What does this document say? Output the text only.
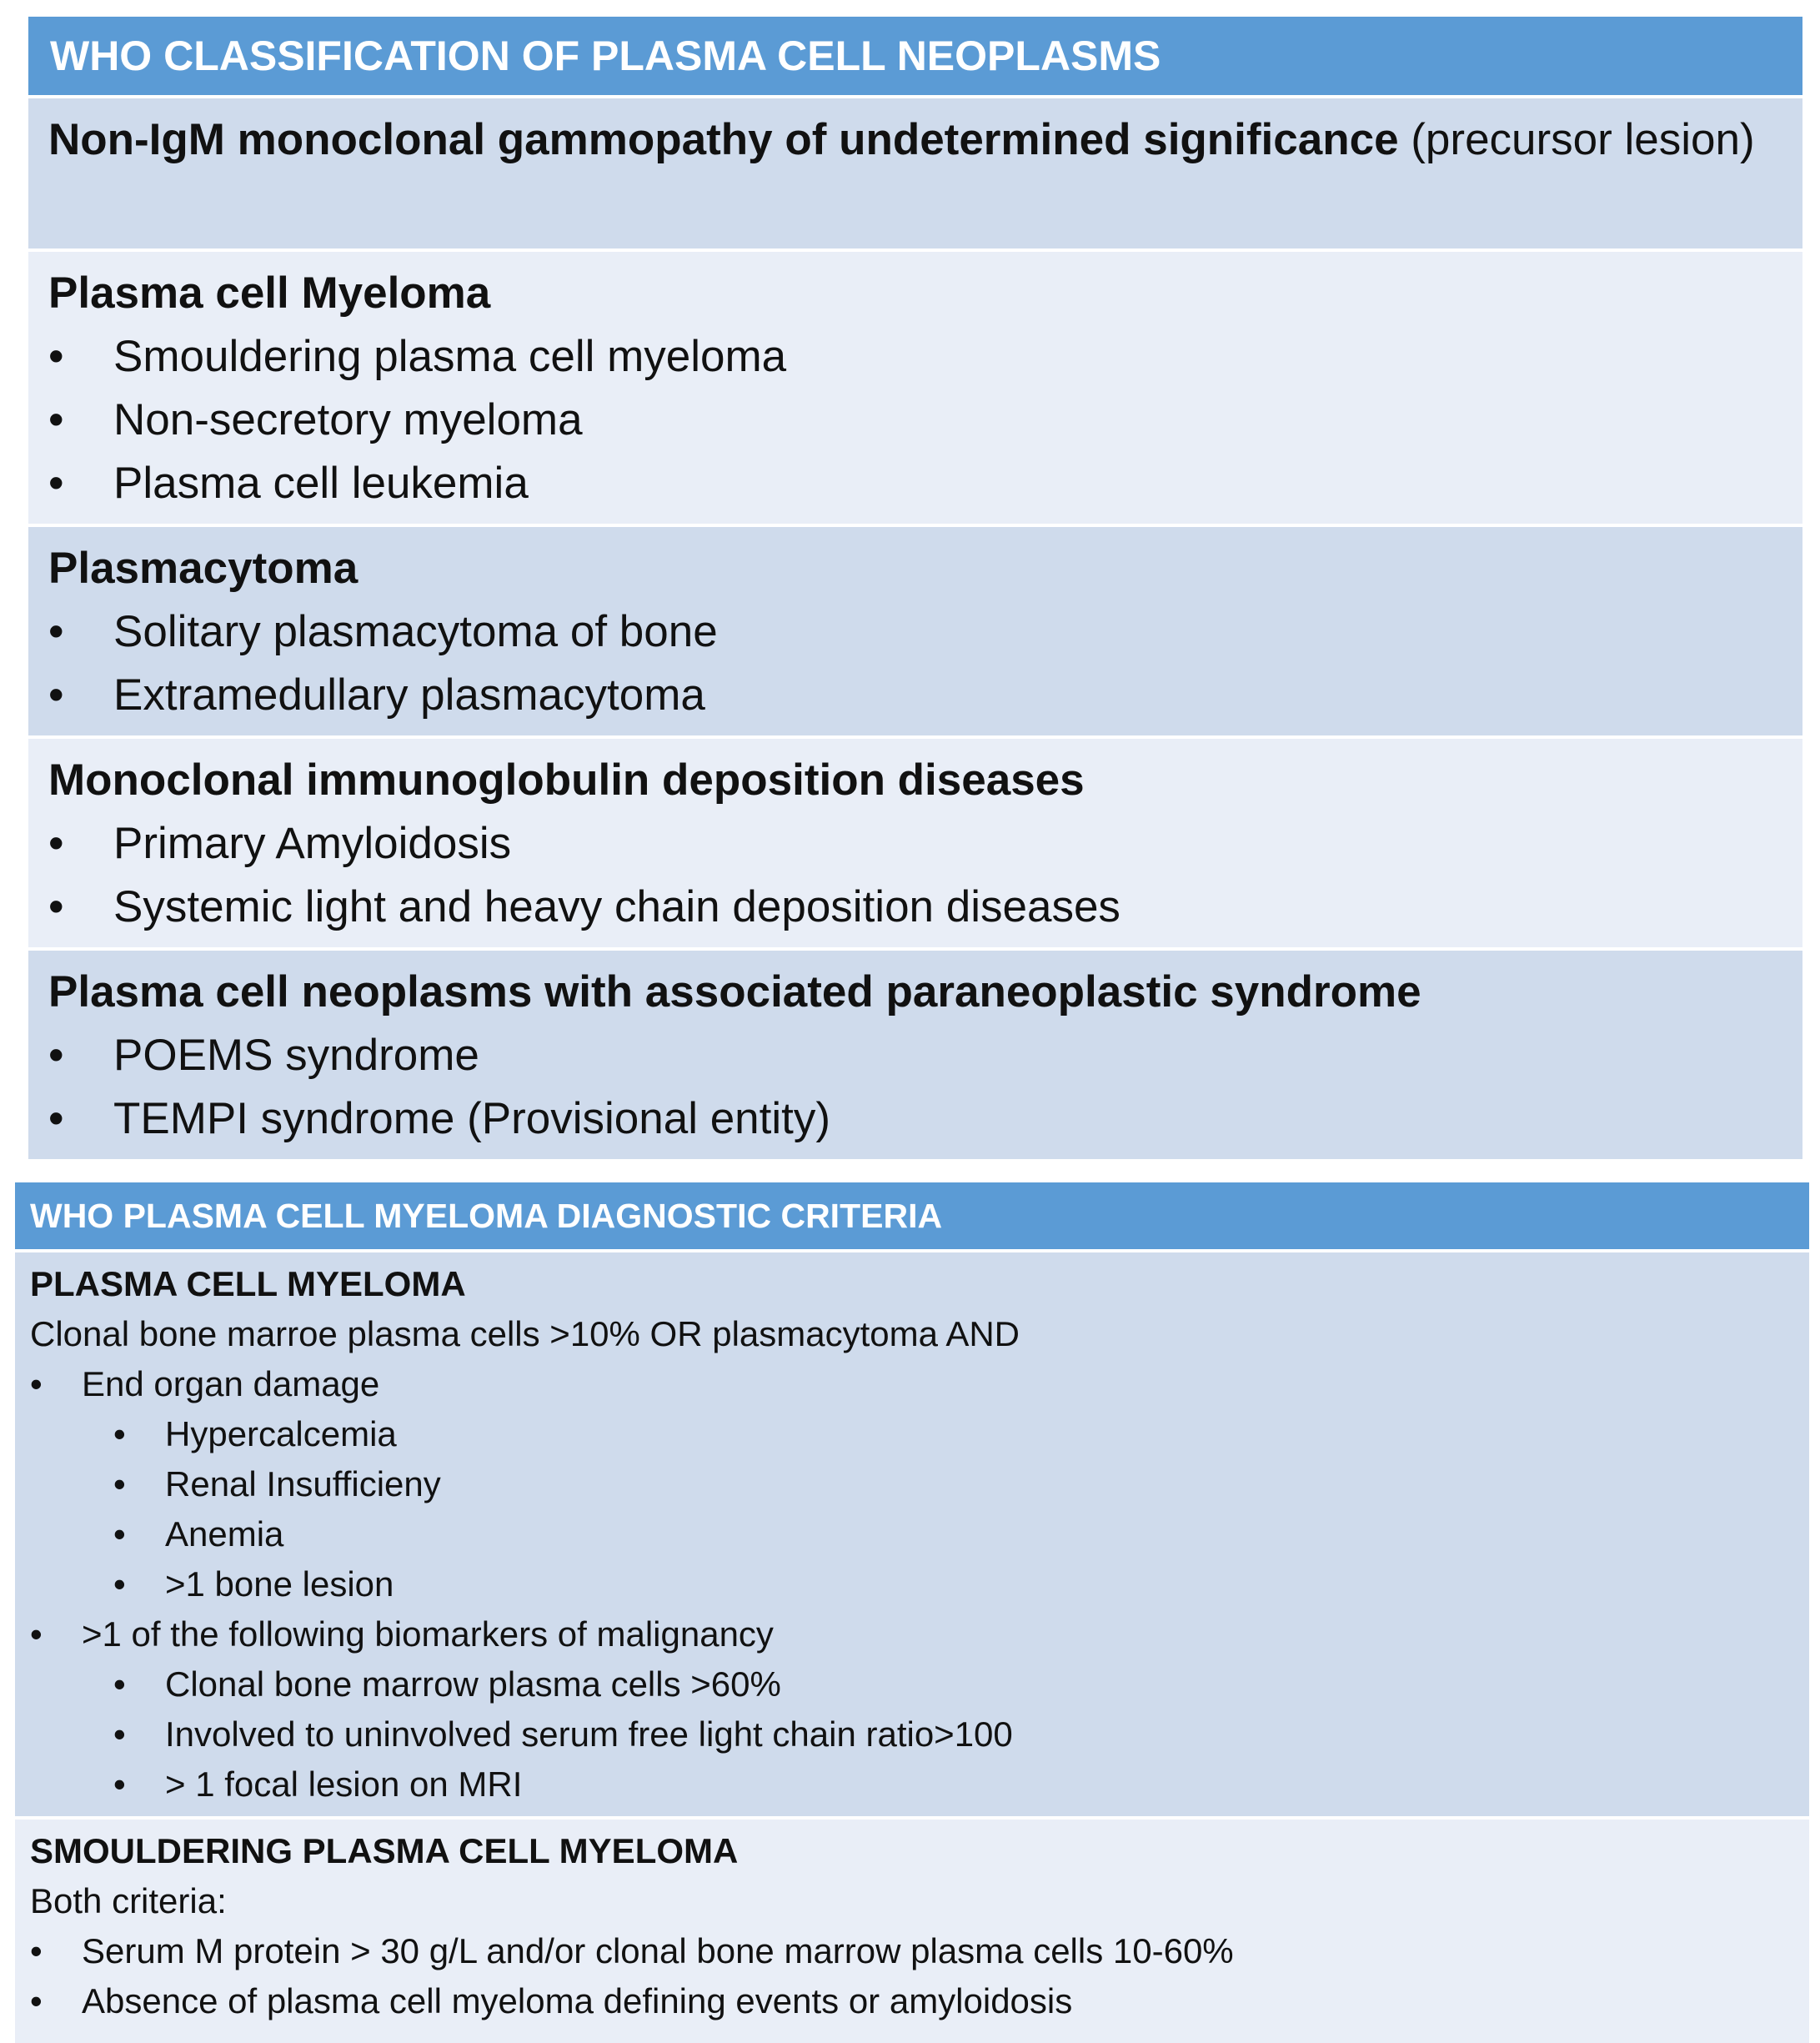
WHO CLASSIFICATION OF PLASMA CELL NEOPLASMS
Non-IgM monoclonal gammopathy of undetermined significance (precursor lesion)
Plasma cell Myeloma
• Smouldering plasma cell myeloma
• Non-secretory myeloma
• Plasma cell leukemia
Plasmacytoma
• Solitary plasmacytoma of bone
• Extramedullary plasmacytoma
Monoclonal immunoglobulin deposition diseases
• Primary Amyloidosis
• Systemic light and heavy chain deposition diseases
Plasma cell neoplasms with associated paraneoplastic syndrome
• POEMS syndrome
• TEMPI syndrome (Provisional entity)
WHO PLASMA CELL MYELOMA DIAGNOSTIC CRITERIA
PLASMA CELL MYELOMA
Clonal bone marroe plasma cells >10% OR plasmacytoma AND
• End organ damage
• Hypercalcemia
• Renal Insufficieny
• Anemia
• >1 bone lesion
• >1 of the following biomarkers of malignancy
• Clonal bone marrow plasma cells >60%
• Involved to uninvolved serum free light chain ratio>100
• > 1 focal lesion on MRI
SMOULDERING PLASMA CELL MYELOMA
Both criteria:
• Serum M protein > 30 g/L and/or clonal bone marrow plasma cells 10-60%
• Absence of plasma cell myeloma defining events or amyloidosis
